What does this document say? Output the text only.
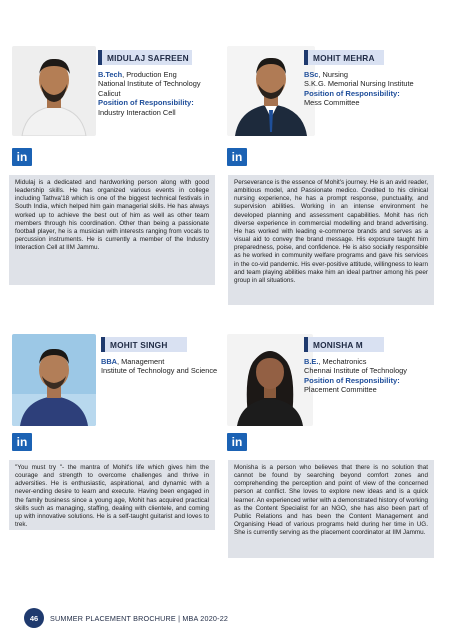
MIDULAJ SAFREEN
B.Tech, Production Eng
National Institute of Technology Calicut
Position of Responsibility:
Industry Interaction Cell
in
Midulaj is a dedicated and hardworking person along with good leadership skills. He has organized various events in college including Tathva'18 which is one of the biggest technical festivals in South India, which helped him gain managerial skills. He has always worked up to achieve the best out of him as well as other team members through his coordination. Other than being a passionate football player, he is a musician with interests ranging from vocals to percussion instruments. He is currently a member of the Industry Interaction Cell at IIM Jammu.
MOHIT MEHRA
BSc, Nursing
S.K.G. Memorial Nursing Institute
Position of Responsibility:
Mess Committee
in
Perseverance is the essence of Mohit's journey. He is an avid reader, ambitious model, and Passionate medico. Credited to his clinical nursing experience, he has a prompt response, punctuality, and supervision abilities. Working in an intense environment he developed planning and assessment capabilities. Mohit has rich diverse experience in commercial modelling and brand advertising. He has worked with leading e-commerce brands and serves as a visual aid to convey the brand message. His exposure taught him preparedness, poise, and confidence. He is also socially responsible as he worked in community welfare programs and gave his services in the co-vid pandemic. His ever-positive attitude, willingness to learn and team playing abilities make him an ideal partner among his peer group in all situations.
MOHIT SINGH
BBA, Management
Institute of Technology and Science
in
"You must try "- the mantra of Mohit's life which gives him the courage and strength to overcome challenges and thrive in adversities. He is enthusiastic, aspirational, and dynamic with a never-ending desire to learn and execute. Having been engaged in the family business since a young age, Mohit has acquired practical skills such as managing, staffing, dealing with clientele, and coming up with innovative solutions. He is a self-taught guitarist and loves to trek.
MONISHA M
B.E., Mechatronics
Chennai Institute of Technology
Position of Responsibility:
Placement Committee
in
Monisha is a person who believes that there is no solution that cannot be found by searching beyond comfort zones and comprehending the perception and point of view of the concerned person at conflict. She loves to explore new ideas and is a quick learner. An experienced writer with a demonstrated history of working as the Content Specialist for an NGO, she has also been part of Public Relations and has been the Content Management and Organising Head of various programs held during her time in UG. She is currently serving as the placement coordinator at IIM Jammu.
46	SUMMER PLACEMENT BROCHURE | MBA 2020-22
